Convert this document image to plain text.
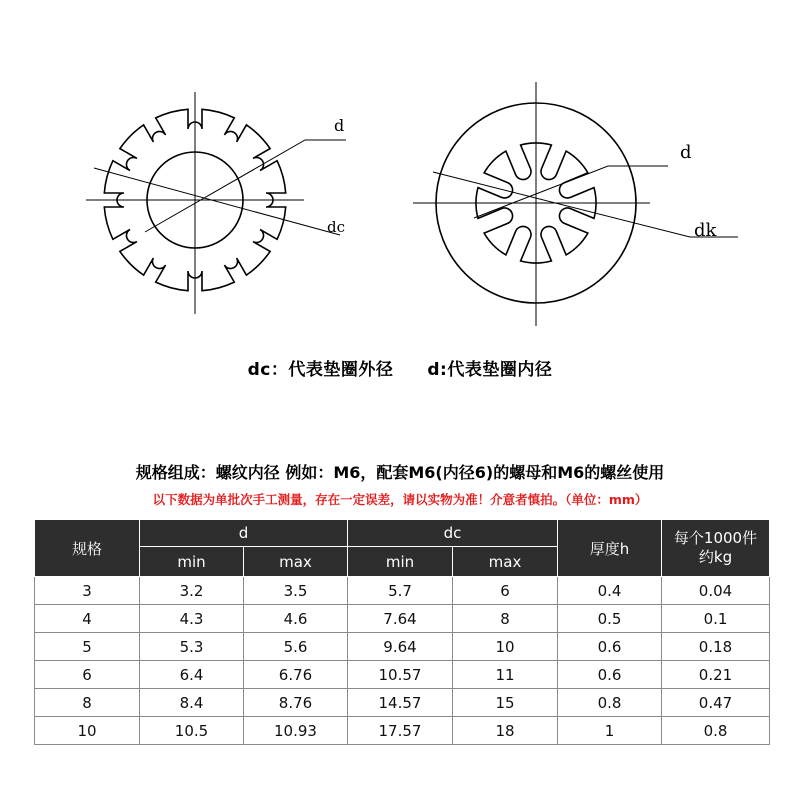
d
dc
d
dk
dc：代表垫圈外径 d:代表垫圈内径
规格组成：螺纹内径 例如：M6，配套M6(内径6)的螺母和M6的螺丝使用
以下数据为单批次手工测量，存在一定误差，请以实物为准！介意者慎拍。（单位：mm）
规格	d		dc		厚度h	每个1000件
约kg
	min	max	min	max		
3	3.2	3.5	5.7	6	0.4	0.04
4	4.3	4.6	7.64	8	0.5	0.1
5	5.3	5.6	9.64	10	0.6	0.18
6	6.4	6.76	10.57	11	0.6	0.21
8	8.4	8.76	14.57	15	0.8	0.47
10	10.5	10.93	17.57	18	1	0.8
